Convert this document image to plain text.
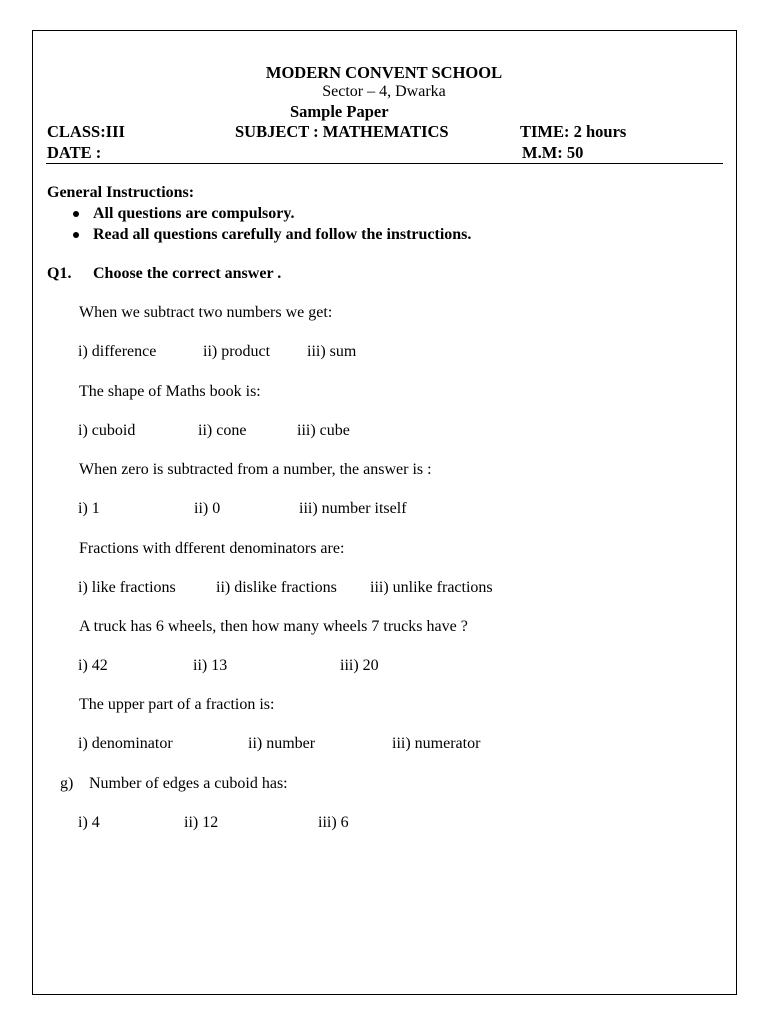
MODERN CONVENT SCHOOL
Sector – 4, Dwarka
Sample Paper
CLASS:III	SUBJECT : MATHEMATICS	TIME: 2 hours
DATE :	M.M: 50
General Instructions:
All questions are compulsory.
Read all questions carefully and follow the instructions.
Q1. Choose the correct answer .
When we subtract two numbers we get:
i) difference	ii) product iii) sum
The shape of Maths book is:
i) cuboid	ii) cone	iii) cube
When zero is subtracted from a number, the answer is :
i) 1	ii) 0	iii) number itself
Fractions with dfferent denominators are:
i) like fractions	ii) dislike fractions iii) unlike fractions
A truck has 6 wheels, then how many wheels 7 trucks have ?
i) 42	ii) 13	iii) 20
The upper part of a fraction is:
i) denominator	ii) number	iii) numerator
g) Number of edges a cuboid has:
i) 4	ii) 12	iii) 6
